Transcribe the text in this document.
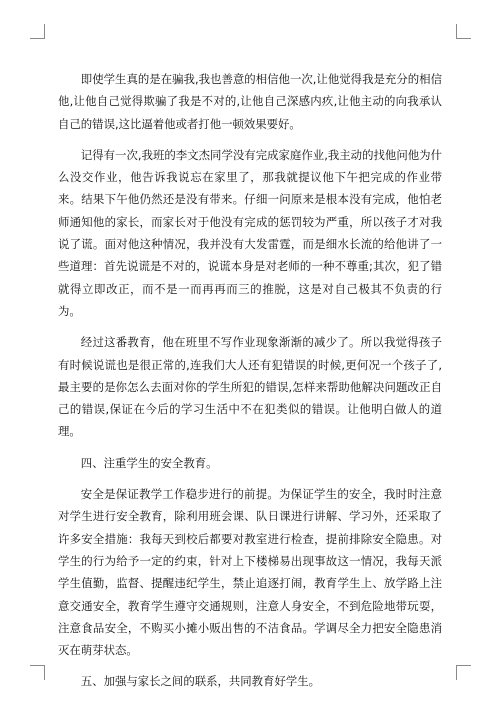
即使学生真的是在骗我,我也善意的相信他一次,让他觉得我是充分的相信他,让他自己觉得欺骗了我是不对的,让他自己深感内疚,让他主动的向我承认自己的错误,这比逼着他或者打他一顿效果要好。

记得有一次,我班的李文杰同学没有完成家庭作业,我主动的找他问他为什么没交作业，他告诉我说忘在家里了，那我就提议他下午把完成的作业带来。结果下午他仍然还是没有带来。仔细一问原来是根本没有完成，他怕老师通知他的家长，而家长对于他没有完成的惩罚较为严重，所以孩子才对我说了谎。面对他这种情况，我并没有大发雷霆，而是细水长流的给他讲了一些道理：首先说谎是不对的，说谎本身是对老师的一种不尊重;其次，犯了错就得立即改正，而不是一而再再而三的推脱，这是对自己极其不负责的行为。

经过这番教育，他在班里不写作业现象渐渐的减少了。所以我觉得孩子有时候说谎也是很正常的,连我们大人还有犯错误的时候,更何况一个孩子了,最主要的是你怎么去面对你的学生所犯的错误,怎样来帮助他解决问题改正自己的错误,保证在今后的学习生活中不在犯类似的错误。让他明白做人的道理。

四、注重学生的安全教育。

安全是保证教学工作稳步进行的前提。为保证学生的安全，我时时注意对学生进行安全教育，除利用班会课、队日课进行讲解、学习外，还采取了许多安全措施：我每天到校后都要对教室进行检查，提前排除安全隐患。对学生的行为给予一定的约束，针对上下楼梯易出现事故这一情况，我每天派学生值勤，监督、提醒违纪学生，禁止追逐打闹，教育学生上、放学路上注意交通安全，教育学生遵守交通规则，注意人身安全，不到危险地带玩耍，注意食品安全，不购买小摊小贩出售的不洁食品。学调尽全力把安全隐患消灭在萌芽状态。

五、加强与家长之间的联系，共同教育好学生。
